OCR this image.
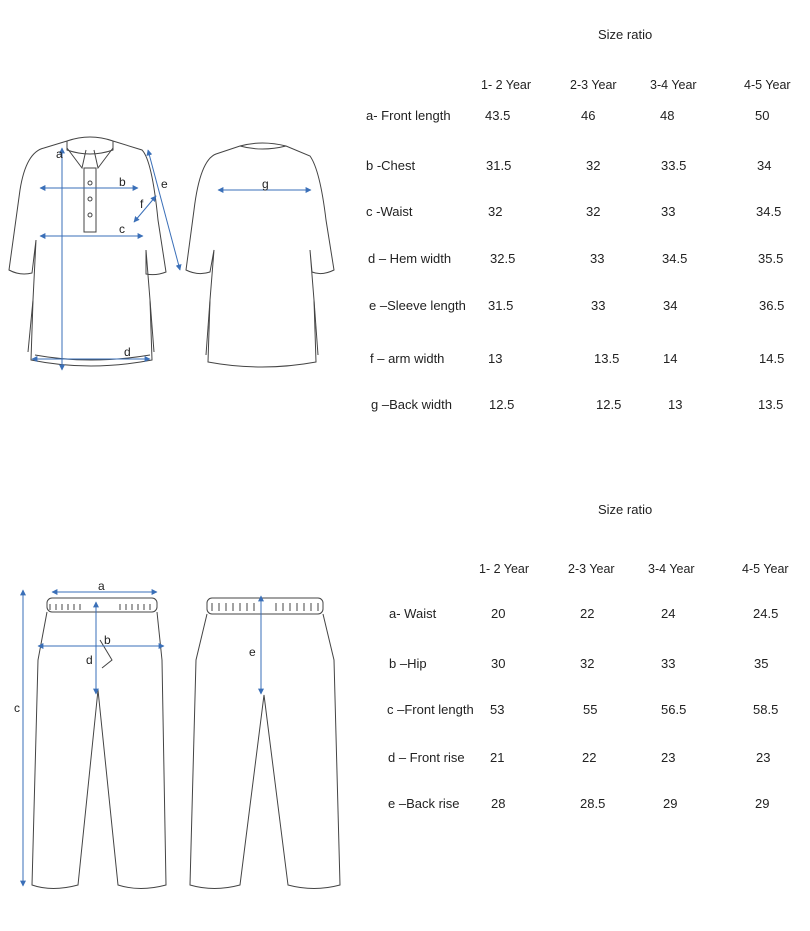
a
b
c
d
e
f
g
a
b
c
d
e
Size ratio
1- 2 Year	2-3 Year	3-4 Year	4-5 Year
a- Front length	43.5	46	48	50
b -Chest	31.5	32	33.5	34
c -Waist	32	32	33	34.5
d – Hem width	32.5	33	34.5	35.5
e –Sleeve length 31.5	33	34	36.5
f – arm width	13	13.5	14	14.5
g –Back width	12.5	12.5	13	13.5
Size ratio
1- 2 Year	2-3 Year	3-4 Year	4-5 Year
a- Waist	20	22	24	24.5
b –Hip	30	32	33	35
c –Front length 53	55	56.5	58.5
d – Front rise 21	22	23	23
e –Back rise 28	28.5	29	29
